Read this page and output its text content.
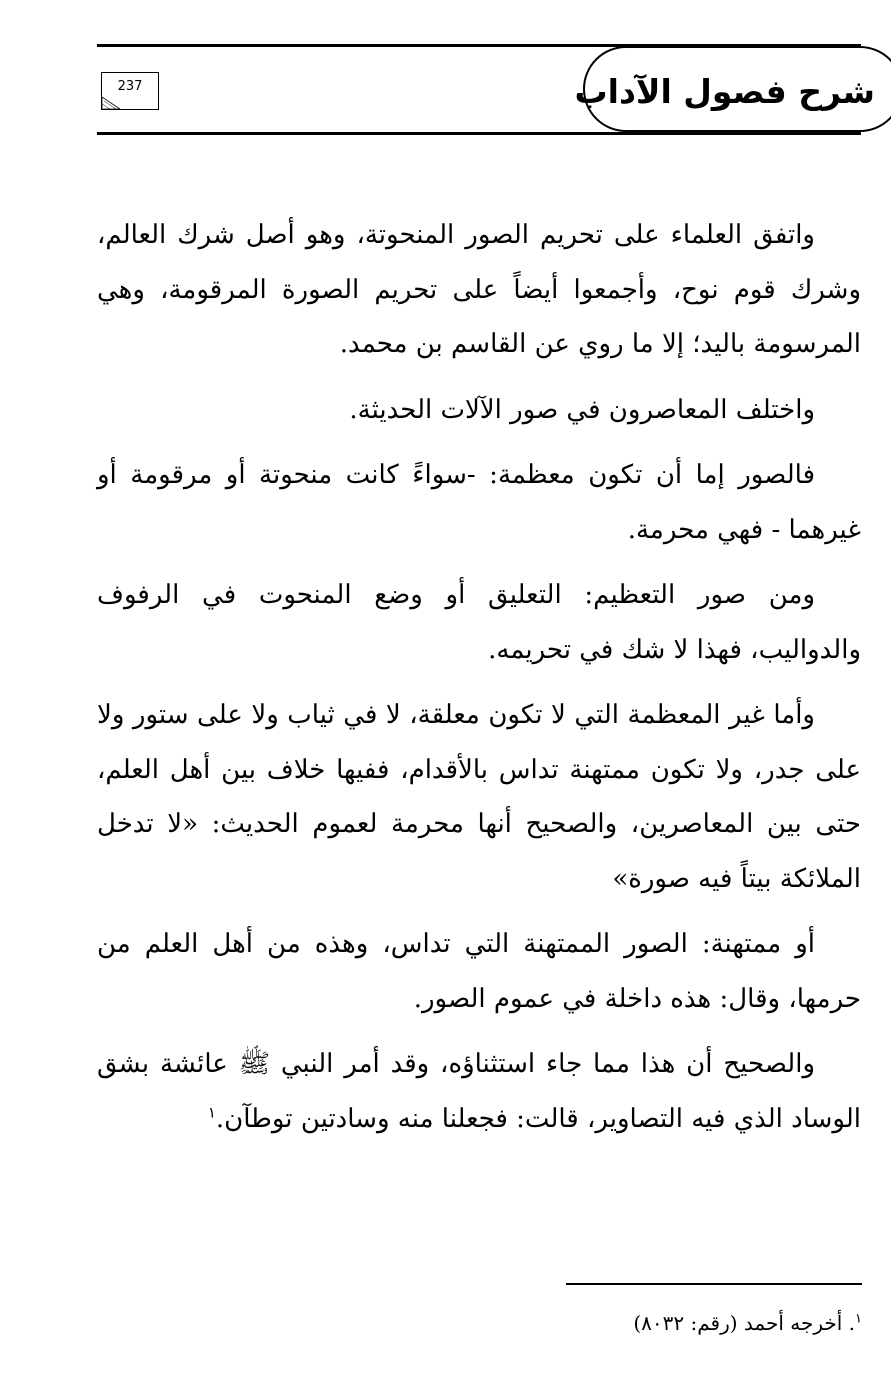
شرح فصول الآداب
237

واتفق العلماء على تحريم الصور المنحوتة، وهو أصل شرك العالم، وشرك قوم نوح، وأجمعوا أيضاً على تحريم الصورة المرقومة، وهي المرسومة باليد؛ إلا ما روي عن القاسم بن محمد.

واختلف المعاصرون في صور الآلات الحديثة.

فالصور إما أن تكون معظمة: -سواءً كانت منحوتة أو مرقومة أو غيرهما - فهي محرمة.

ومن صور التعظيم: التعليق أو وضع المنحوت في الرفوف والدواليب، فهذا لا شك في تحريمه.

وأما غير المعظمة التي لا تكون معلقة، لا في ثياب ولا على ستور ولا على جدر، ولا تكون ممتهنة تداس بالأقدام، ففيها خلاف بين أهل العلم، حتى بين المعاصرين، والصحيح أنها محرمة لعموم الحديث: «لا تدخل الملائكة بيتاً فيه صورة»

أو ممتهنة: الصور الممتهنة التي تداس، وهذه من أهل العلم من حرمها، وقال: هذه داخلة في عموم الصور.

والصحيح أن هذا مما جاء استثناؤه، وقد أمر النبي ﷺ عائشة بشق الوساد الذي فيه التصاوير، قالت: فجعلنا منه وسادتين توطآن.$^١$

$^١$. أخرجه أحمد (رقم: ٨٠٣٢)
